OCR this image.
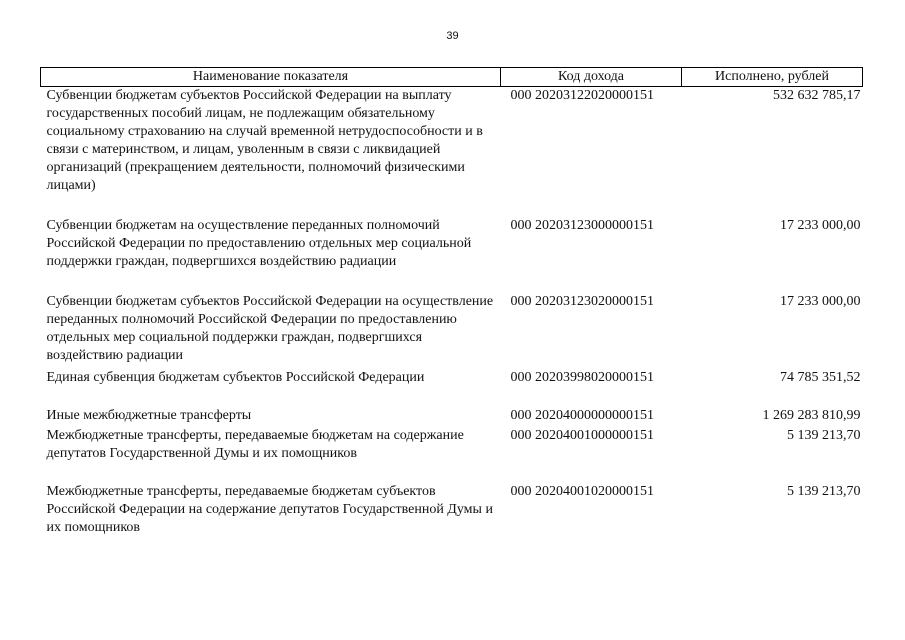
39
Наименование показателя	Код дохода	Исполнено, рублей
Субвенции бюджетам субъектов Российской Федерации на выплату государственных пособий лицам, не подлежащим обязательному социальному страхованию на случай временной нетрудоспособности и в связи с материнством, и лицам, уволенным в связи с ликвидацией организаций (прекращением деятельности, полномочий физическими лицами)	000 20203122020000151	532 632 785,17
Субвенции бюджетам на осуществление переданных полномочий Российской Федерации по предоставлению отдельных мер социальной поддержки граждан, подвергшихся воздействию радиации	000 20203123000000151	17 233 000,00
Субвенции бюджетам субъектов Российской Федерации на осуществление переданных полномочий Российской Федерации по предоставлению отдельных мер социальной поддержки граждан, подвергшихся воздействию радиации	000 20203123020000151	17 233 000,00
Единая субвенция бюджетам субъектов Российской Федерации	000 20203998020000151	74 785 351,52
Иные межбюджетные трансферты	000 20204000000000151	1 269 283 810,99
Межбюджетные трансферты, передаваемые бюджетам на содержание депутатов Государственной Думы и их помощников	000 20204001000000151	5 139 213,70
Межбюджетные трансферты, передаваемые бюджетам субъектов Российской Федерации на содержание депутатов Государственной Думы и их помощников	000 20204001020000151	5 139 213,70
